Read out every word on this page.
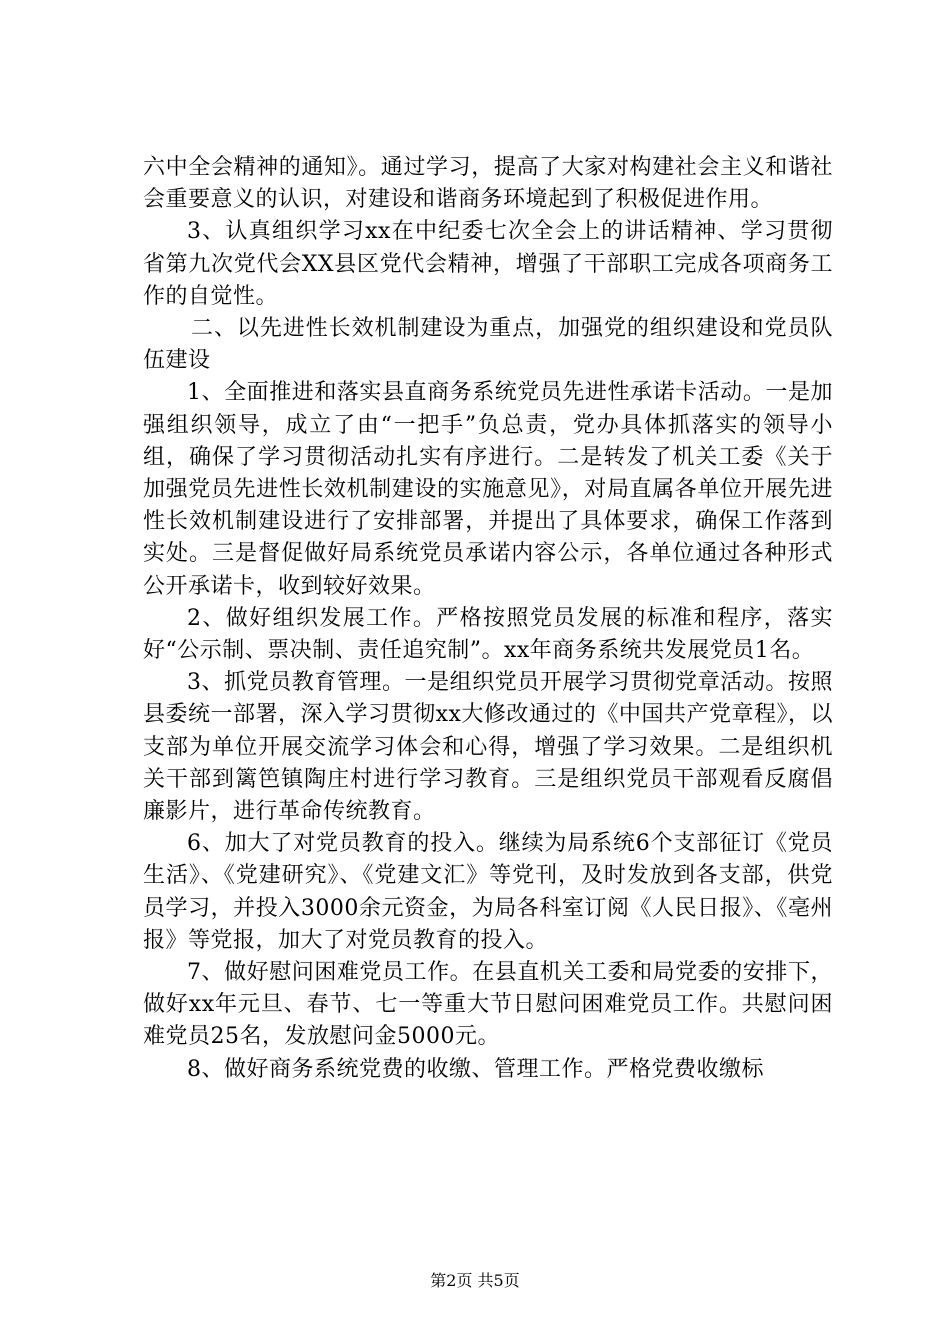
六中全会精神的通知》。通过学习，提高了大家对构建社会主义和谐社会重要意义的认识，对建设和谐商务环境起到了积极促进作用。

3、认真组织学习xx在中纪委七次全会上的讲话精神、学习贯彻省第九次党代会XX县区党代会精神，增强了干部职工完成各项商务工作的自觉性。

二、以先进性长效机制建设为重点，加强党的组织建设和党员队伍建设

1、全面推进和落实县直商务系统党员先进性承诺卡活动。一是加强组织领导，成立了由“一把手”负总责，党办具体抓落实的领导小组，确保了学习贯彻活动扎实有序进行。二是转发了机关工委《关于加强党员先进性长效机制建设的实施意见》，对局直属各单位开展先进性长效机制建设进行了安排部署，并提出了具体要求，确保工作落到实处。三是督促做好局系统党员承诺内容公示，各单位通过各种形式公开承诺卡，收到较好效果。

2、做好组织发展工作。严格按照党员发展的标准和程序，落实好“公示制、票决制、责任追究制”。xx年商务系统共发展党员1名。

3、抓党员教育管理。一是组织党员开展学习贯彻党章活动。按照县委统一部署，深入学习贯彻xx大修改通过的《中国共产党章程》，以支部为单位开展交流学习体会和心得，增强了学习效果。二是组织机关干部到篱笆镇陶庄村进行学习教育。三是组织党员干部观看反腐倡廉影片，进行革命传统教育。

6、加大了对党员教育的投入。继续为局系统6个支部征订《党员生活》、《党建研究》、《党建文汇》等党刊，及时发放到各支部，供党员学习，并投入3000余元资金，为局各科室订阅《人民日报》、《亳州报》等党报，加大了对党员教育的投入。

7、做好慰问困难党员工作。在县直机关工委和局党委的安排下，做好xx年元旦、春节、七一等重大节日慰问困难党员工作。共慰问困难党员25名，发放慰问金5000元。

8、做好商务系统党费的收缴、管理工作。严格党费收缴标

第2页 共5页
